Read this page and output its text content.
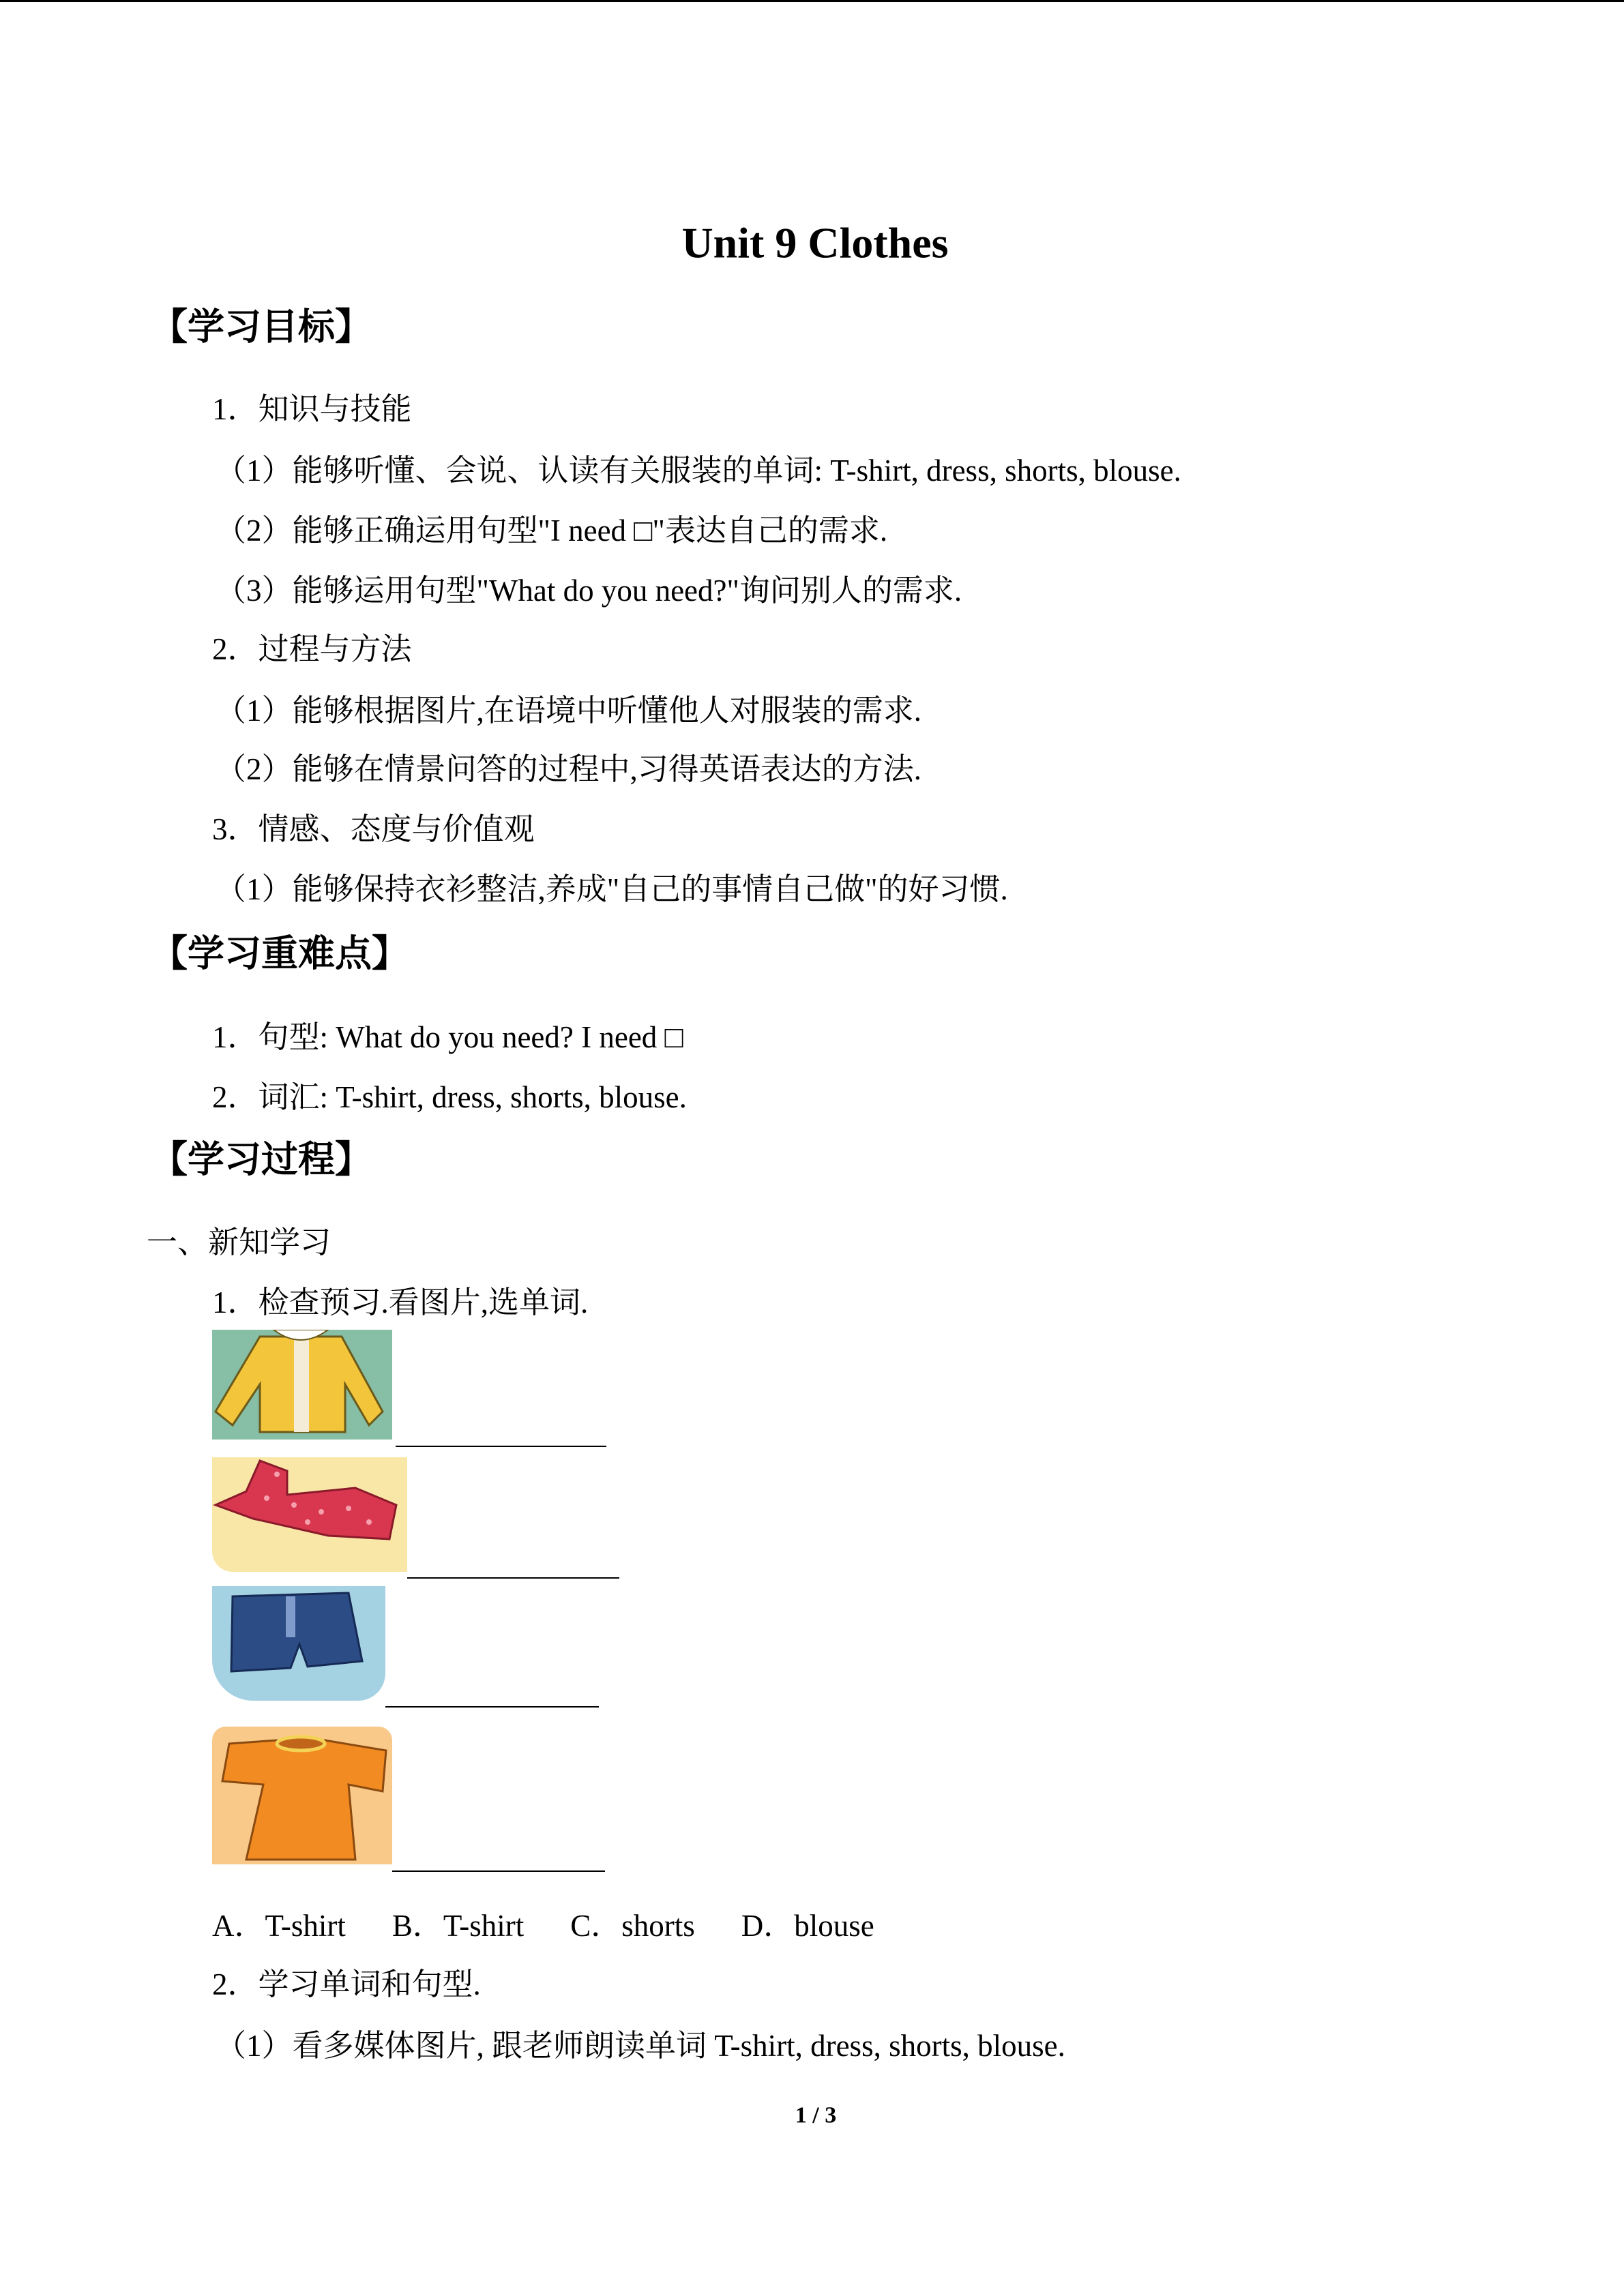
Unit 9 Clothes
【学习目标】
1．知识与技能
（1）能够听懂、会说、认读有关服装的单词: T-shirt, dress, shorts, blouse.
（2）能够正确运用句型"I need □"表达自己的需求.
（3）能够运用句型"What do you need?"询问别人的需求.
2．过程与方法
（1）能够根据图片,在语境中听懂他人对服装的需求.
（2）能够在情景问答的过程中,习得英语表达的方法.
3．情感、态度与价值观
（1）能够保持衣衫整洁,养成"自己的事情自己做"的好习惯.
【学习重难点】
1．句型: What do you need? I need □
2．词汇: T-shirt, dress, shorts, blouse.
【学习过程】
一、新知学习
1．检查预习.看图片,选单词.
A．T-shirt B．T-shirt C．shorts D．blouse
2．学习单词和句型.
（1）看多媒体图片, 跟老师朗读单词 T-shirt, dress, shorts, blouse.
1 / 3
